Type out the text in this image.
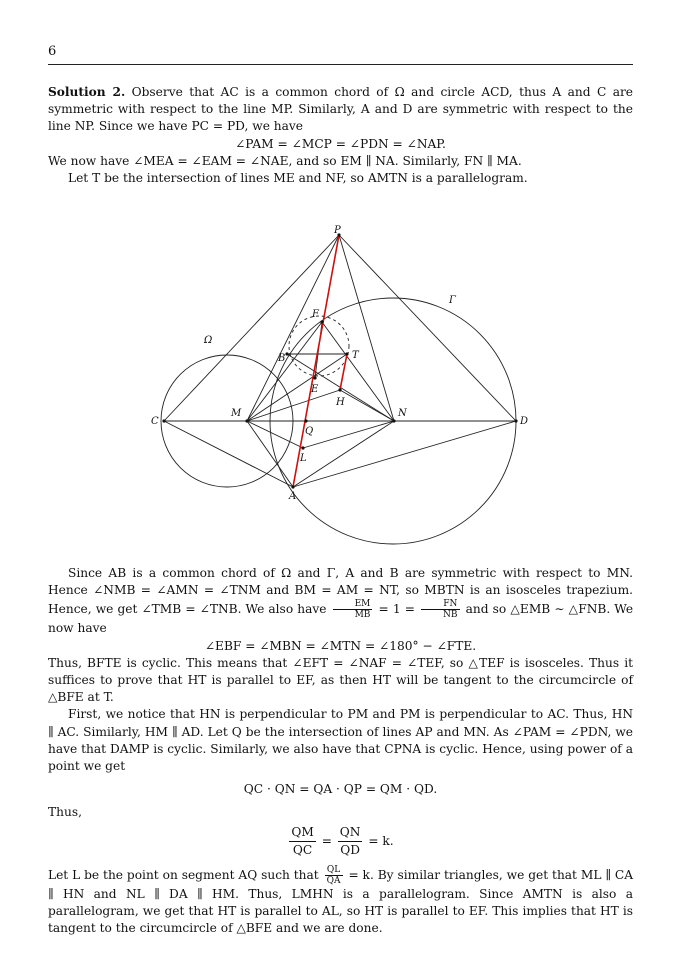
6

Solution 2. Observe that AC is a common chord of Ω and circle ACD, thus A and C are symmetric with respect to the line MP. Similarly, A and D are symmetric with respect to the line NP. Since we have PC = PD, we have

∠PAM = ∠MCP = ∠PDN = ∠NAP.

We now have ∠MEA = ∠EAM = ∠NAE, and so EM ∥ NA. Similarly, FN ∥ MA.

Let T be the intersection of lines ME and NF, so AMTN is a parallelogram.

P
F
Γ
Ω
B	T
E
H
C
M	N
D
Q
L
A

Since AB is a common chord of Ω and Γ, A and B are symmetric with respect to MN. Hence ∠NMB = ∠AMN = ∠TNM and BM = AM = NT, so MBTN is an isosceles trapezium. Hence, we get ∠TMB = ∠TNB. We also have $\frac{EM}{MB} = 1 = \frac{FN}{NB}$ and so △EMB ∼ △FNB. We now have

∠EBF = ∠MBN = ∠MTN = ∠180° − ∠FTE.

Thus, BFTE is cyclic. This means that ∠EFT = ∠NAF = ∠TEF, so △TEF is isosceles. Thus it suffices to prove that HT is parallel to EF, as then HT will be tangent to the circumcircle of △BFE at T.

First, we notice that HN is perpendicular to PM and PM is perpendicular to AC. Thus, HN ∥ AC. Similarly, HM ∥ AD. Let Q be the intersection of lines AP and MN. As ∠PAM = ∠PDN, we have that DAMP is cyclic. Similarly, we also have that CPNA is cyclic. Hence, using power of a point we get

QC · QN = QA · QP = QM · QD.

Thus,

$\frac{QM}{QC} = \frac{QN}{QD} = k$.

Let L be the point on segment AQ such that $\frac{QL}{QA} = k$. By similar triangles, we get that ML ∥ CA ∥ HN and NL ∥ DA ∥ HM. Thus, LMHN is a parallelogram. Since AMTN is also a parallelogram, we get that HT is parallel to AL, so HT is parallel to EF. This implies that HT is tangent to the circumcircle of △BFE and we are done.
